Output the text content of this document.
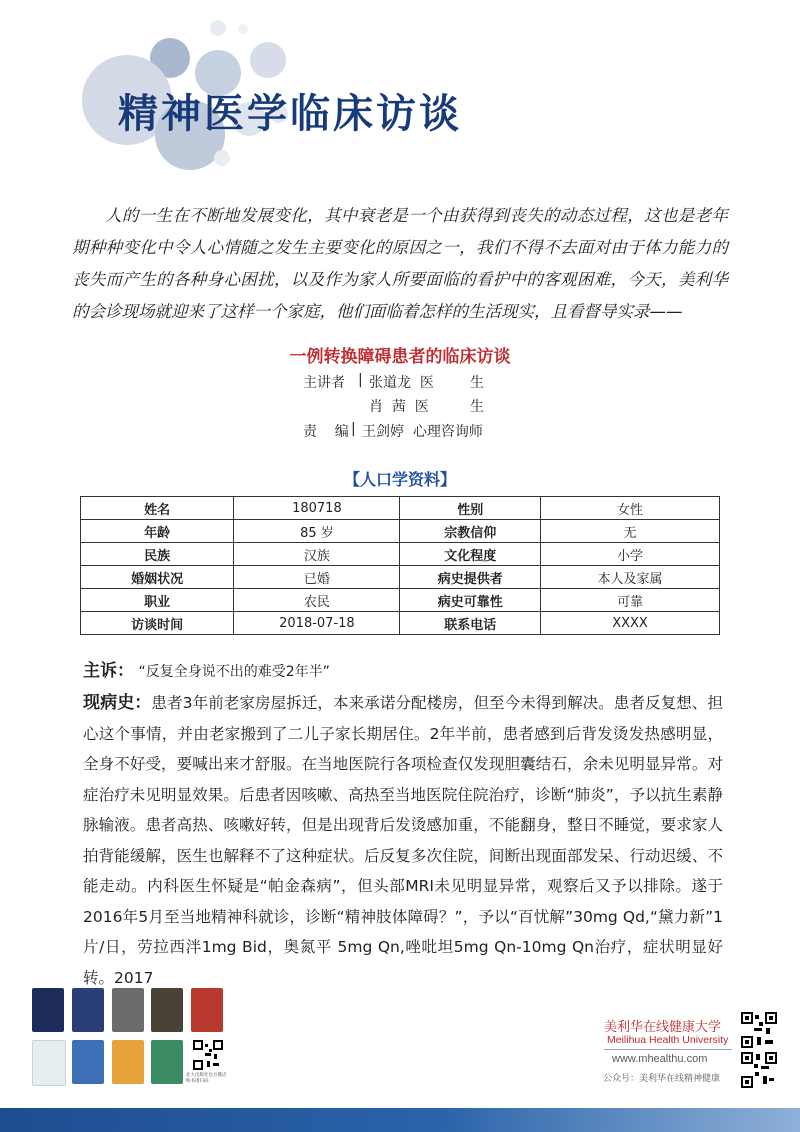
精神医学临床访谈

人的一生在不断地发展变化，其中衰老是一个由获得到丧失的动态过程，这也是老年期种种变化中令人心情随之发生主要变化的原因之一，我们不得不去面对由于体力能力的丧失而产生的各种身心困扰，以及作为家人所要面临的看护中的客观困难，今天，美利华的会诊现场就迎来了这样一个家庭，他们面临着怎样的生活现实，且看督导实录——

一例转换障碍患者的临床访谈
主讲者 | 张道龙  医	生
肖  茜  医	生
责    编 | 王剑婷  心理咨询师
【人口学资料】
姓名	180718	性别	女性
年龄	85 岁	宗教信仰	无
民族	汉族	文化程度	小学
婚姻状况	已婚	病史提供者	本人及家属
职业	农民	病史可靠性	可靠
访谈时间	2018-07-18	联系电话	XXXX
主诉： “反复全身说不出的难受2年半”

现病史：患者3年前老家房屋拆迁，本来承诺分配楼房，但至今未得到解决。患者反复想、担心这个事情，并由老家搬到了二儿子家长期居住。2年半前，患者感到后背发烫发热感明显，全身不好受，要喊出来才舒服。在当地医院行各项检查仅发现胆囊结石，余未见明显异常。对症治疗未见明显效果。后患者因咳嗽、高热至当地医院住院治疗，诊断“肺炎”，予以抗生素静脉输液。患者高热、咳嗽好转，但是出现背后发烫感加重，不能翻身，整日不睡觉，要求家人拍背能缓解，医生也解释不了这种症状。后反复多次住院，间断出现面部发呆、行动迟缓、不能走动。内科医生怀疑是“帕金森病”，但头部MRI未见明显异常，观察后又予以排除。遂于2016年5月至当地精神科就诊，诊断“精神肢体障碍？”，予以“百忧解”30mg Qd,“黛力新”1片/日，劳拉西泮1mg Bid，奥氮平 5mg Qn,唑吡坦5mg Qn-10mg Qn治疗，症状明显好转。2017

北大出版社官方微店
购书请扫码
美利华在线健康大学
Meilihua Health University
www.mhealthu.com
公众号：美利华在线精神健康
